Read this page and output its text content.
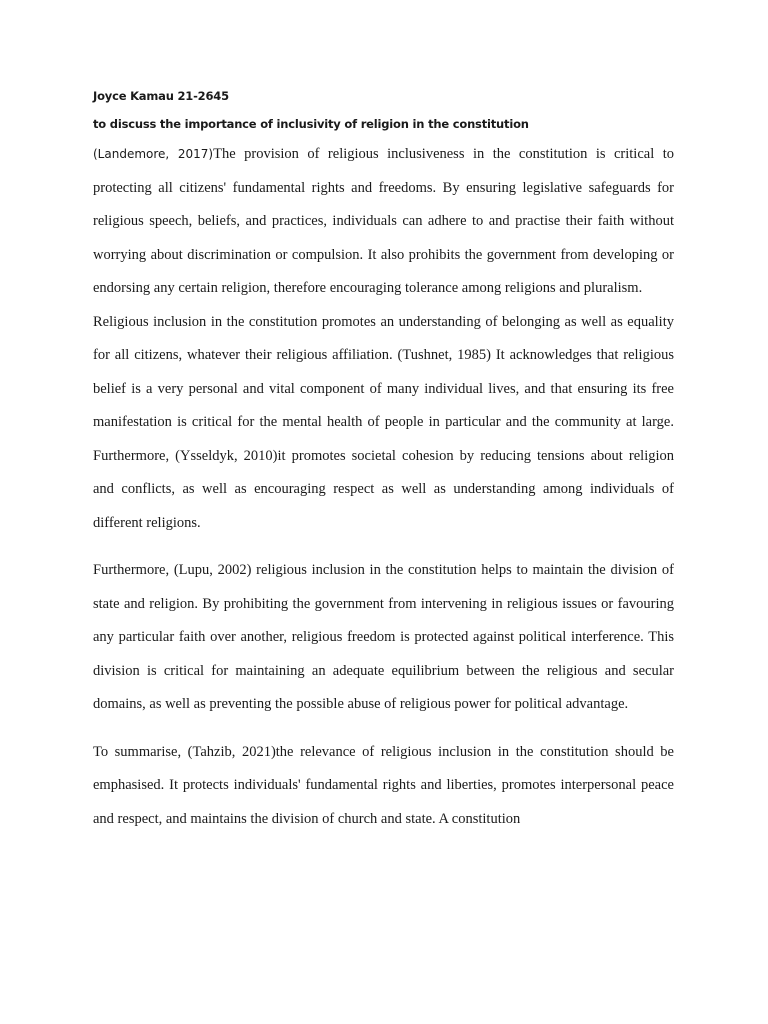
Joyce Kamau 21-2645

to discuss the importance of inclusivity of religion in the constitution

(Landemore, 2017)The provision of religious inclusiveness in the constitution is critical to protecting all citizens' fundamental rights and freedoms. By ensuring legislative safeguards for religious speech, beliefs, and practices, individuals can adhere to and practise their faith without worrying about discrimination or compulsion. It also prohibits the government from developing or endorsing any certain religion, therefore encouraging tolerance among religions and pluralism.

Religious inclusion in the constitution promotes an understanding of belonging as well as equality for all citizens, whatever their religious affiliation. (Tushnet, 1985) It acknowledges that religious belief is a very personal and vital component of many individual lives, and that ensuring its free manifestation is critical for the mental health of people in particular and the community at large. Furthermore, (Ysseldyk, 2010)it promotes societal cohesion by reducing tensions about religion and conflicts, as well as encouraging respect as well as understanding among individuals of different religions.

Furthermore, (Lupu, 2002) religious inclusion in the constitution helps to maintain the division of state and religion. By prohibiting the government from intervening in religious issues or favouring any particular faith over another, religious freedom is protected against political interference. This division is critical for maintaining an adequate equilibrium between the religious and secular domains, as well as preventing the possible abuse of religious power for political advantage.

To summarise, (Tahzib, 2021)the relevance of religious inclusion in the constitution should be emphasised. It protects individuals' fundamental rights and liberties, promotes interpersonal peace and respect, and maintains the division of church and state. A constitution
